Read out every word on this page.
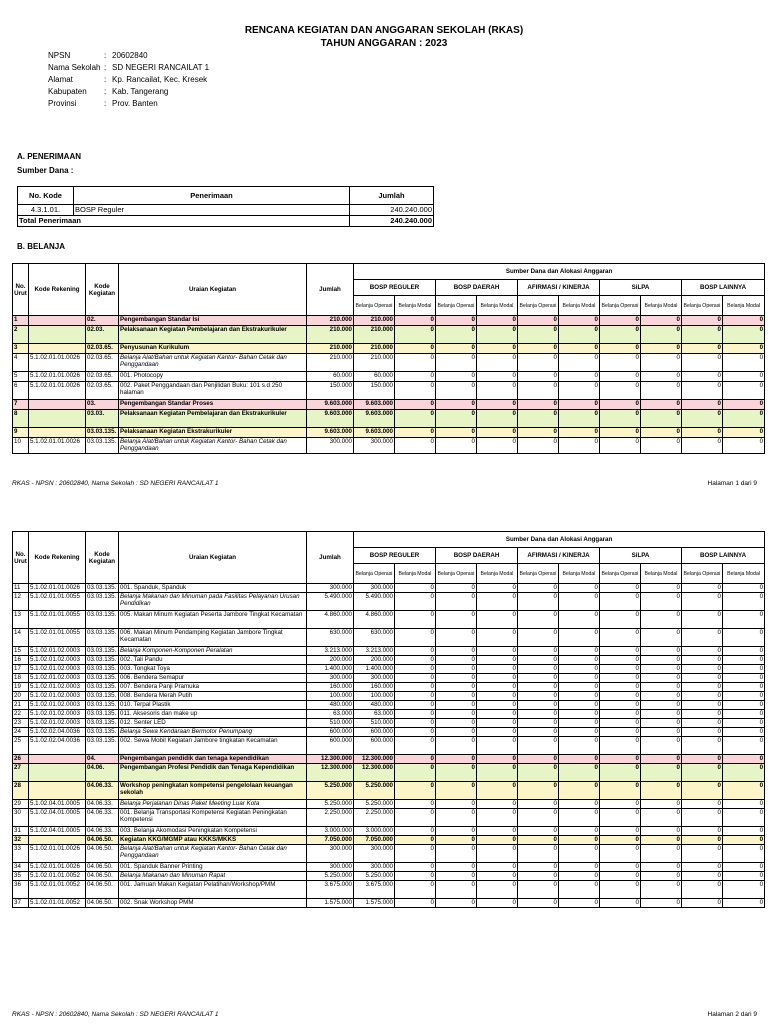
RENCANA KEGIATAN DAN ANGGARAN SEKOLAH (RKAS)
TAHUN ANGGARAN : 2023
NPSN	: 20602840
Nama Sekolah : SD NEGERI RANCAILAT 1
Alamat	: Kp. Rancailat, Kec. Kresek
Kabupaten : Kab. Tangerang
Provinsi	: Prov. Banten
A. PENERIMAAN
Sumber Dana :
No. Kode	Penerimaan	Jumlah
4.3.1.01.	BOSP Reguler	240.240.000
Total Penerimaan		240.240.000
B. BELANJA
No. Urut	Kode Rekening	Kode Kegiatan	Uraian Kegiatan	Jumlah	Sumber Dana dan Alokasi Anggaran									
					BOSP REGULER		BOSP DAERAH		AFIRMASI / KINERJA		SiLPA		BOSP LAINNYA	
					Belanja Operasi	Belanja Modal	Belanja Operasi	Belanja Modal	Belanja Operasi	Belanja Modal	Belanja Operasi	Belanja Modal	Belanja Operasi	Belanja Modal
1		02.	Pengembangan Standar Isi	210.000	210.000	0	0	0	0	0	0	0	0	0
2		02.03.	Pelaksanaan Kegiatan Pembelajaran dan Ekstrakurikuler	210.000	210.000	0	0	0	0	0	0	0	0	0
3		02.03.65.	Penyusunan Kurikulum	210.000	210.000	0	0	0	0	0	0	0	0	0
4	5.1.02.01.01.0026	02.03.65.	Belanja Alat/Bahan untuk Kegiatan Kantor- Bahan Cetak dan Penggandaan	210.000	210.000	0	0	0	0	0	0	0	0	0
5	5.1.02.01.01.0026	02.03.65.	001. Photocopy	60.000	60.000	0	0	0	0	0	0	0	0	0
6	5.1.02.01.01.0026	02.03.65.	002. Paket Penggandaan dan Penjilidan Buku: 101 s.d 250 halaman	150.000	150.000	0	0	0	0	0	0	0	0	0
7		03.	Pengembangan Standar Proses	9.603.000	9.603.000	0	0	0	0	0	0	0	0	0
8		03.03.	Pelaksanaan Kegiatan Pembelajaran dan Ekstrakurikuler	9.603.000	9.603.000	0	0	0	0	0	0	0	0	0
9		03.03.135.	Pelaksanaan Kegiatan Ekstrakurikuler	9.603.000	9.603.000	0	0	0	0	0	0	0	0	0
10	5.1.02.01.01.0026	03.03.135.	Belanja Alat/Bahan untuk Kegiatan Kantor- Bahan Cetak dan Penggandaan	300.000	300.000	0	0	0	0	0	0	0	0	0
RKAS - NPSN : 20602840, Nama Sekolah : SD NEGERI RANCAILAT 1	Halaman 1 dari 9
No. Urut	Kode Rekening	Kode Kegiatan	Uraian Kegiatan	Jumlah	Sumber Dana dan Alokasi Anggaran									
					BOSP REGULER		BOSP DAERAH		AFIRMASI / KINERJA		SiLPA		BOSP LAINNYA	
					Belanja Operasi	Belanja Modal	Belanja Operasi	Belanja Modal	Belanja Operasi	Belanja Modal	Belanja Operasi	Belanja Modal	Belanja Operasi	Belanja Modal
11	5.1.02.01.01.0026	03.03.135.	001. Spanduk, Spanduk	300.000	300.000	0	0	0	0	0	0	0	0	0
12	5.1.02.01.01.0055	03.03.135.	Belanja Makanan dan Minuman pada Fasilitas Pelayanan Urusan Pendidikan	5.490.000	5.490.000	0	0	0	0	0	0	0	0	0
13	5.1.02.01.01.0055	03.03.135.	005. Makan Minum Kegiatan Peserta Jambore Tingkat Kecamatan	4.860.000	4.860.000	0	0	0	0	0	0	0	0	0
14	5.1.02.01.01.0055	03.03.135.	006. Makan Minum Pendamping Kegiatan Jambore Tingkat Kecamatan	630.000	630.000	0	0	0	0	0	0	0	0	0
15	5.1.02.01.02.0003	03.03.135.	Belanja Komponen-Komponen Peralatan	3.213.000	3.213.000	0	0	0	0	0	0	0	0	0
16	5.1.02.01.02.0003	03.03.135.	002. Tali Pandu	200.000	200.000	0	0	0	0	0	0	0	0	0
17	5.1.02.01.02.0003	03.03.135.	003. Tongkat Toya	1.400.000	1.400.000	0	0	0	0	0	0	0	0	0
18	5.1.02.01.02.0003	03.03.135.	006. Bendera Semapur	300.000	300.000	0	0	0	0	0	0	0	0	0
19	5.1.02.01.02.0003	03.03.135.	007. Bendera Panji Pramuka	160.000	160.000	0	0	0	0	0	0	0	0	0
20	5.1.02.01.02.0003	03.03.135.	008. Bendera Merah Putih	100.000	100.000	0	0	0	0	0	0	0	0	0
21	5.1.02.01.02.0003	03.03.135.	010. Terpal Plastik	480.000	480.000	0	0	0	0	0	0	0	0	0
22	5.1.02.01.02.0003	03.03.135.	011. Aksesoris dan make up	63.000	63.000	0	0	0	0	0	0	0	0	0
23	5.1.02.01.02.0003	03.03.135.	012. Senter LED	510.000	510.000	0	0	0	0	0	0	0	0	0
24	5.1.02.02.04.0036	03.03.135.	Belanja Sewa Kendaraan Bermotor Penumpang	600.000	600.000	0	0	0	0	0	0	0	0	0
25	5.1.02.02.04.0036	03.03.135.	002. Sewa Mobil Kegiatan Jambore tingkatan Kecamatan	600.000	600.000	0	0	0	0	0	0	0	0	0
26		04.	Pengembangan pendidik dan tenaga kependidikan	12.300.000	12.300.000	0	0	0	0	0	0	0	0	0
27		04.06.	Pengembangan Profesi Pendidik dan Tenaga Kependidikan	12.300.000	12.300.000	0	0	0	0	0	0	0	0	0
28		04.06.33.	Workshop peningkatan kompetensi pengelolaan keuangan sekolah	5.250.000	5.250.000	0	0	0	0	0	0	0	0	0
29	5.1.02.04.01.0005	04.06.33.	Belanja Perjalanan Dinas Paket Meeting Luar Kota	5.250.000	5.250.000	0	0	0	0	0	0	0	0	0
30	5.1.02.04.01.0005	04.06.33.	001. Belanja Transportasi Kompetensi Kegiatan Peningkatan Kompetensi	2.250.000	2.250.000	0	0	0	0	0	0	0	0	0
31	5.1.02.04.01.0005	04.06.33.	003. Belanja Akomodasi Peningkatan Kompetensi	3.000.000	3.000.000	0	0	0	0	0	0	0	0	0
32		04.06.50.	Kegiatan KKG/MGMP atau KKKS/MKKS	7.050.000	7.050.000	0	0	0	0	0	0	0	0	0
33	5.1.02.01.01.0026	04.06.50.	Belanja Alat/Bahan untuk Kegiatan Kantor- Bahan Cetak dan Penggandaan	300.000	300.000	0	0	0	0	0	0	0	0	0
34	5.1.02.01.01.0026	04.06.50.	001. Spanduk Banner Printing	300.000	300.000	0	0	0	0	0	0	0	0	0
35	5.1.02.01.01.0052	04.06.50.	Belanja Makanan dan Minuman Rapat	5.250.000	5.250.000	0	0	0	0	0	0	0	0	0
36	5.1.02.01.01.0052	04.06.50.	001. Jamuan Makan Kegiatan Pelatihan/Workshop/PMM	3.675.000	3.675.000	0	0	0	0	0	0	0	0	0
37	5.1.02.01.01.0052	04.06.50.	002. Snak Workshop PMM	1.575.000	1.575.000	0	0	0	0	0	0	0	0	0
RKAS - NPSN : 20602840, Nama Sekolah : SD NEGERI RANCAILAT 1	Halaman 2 dari 9
